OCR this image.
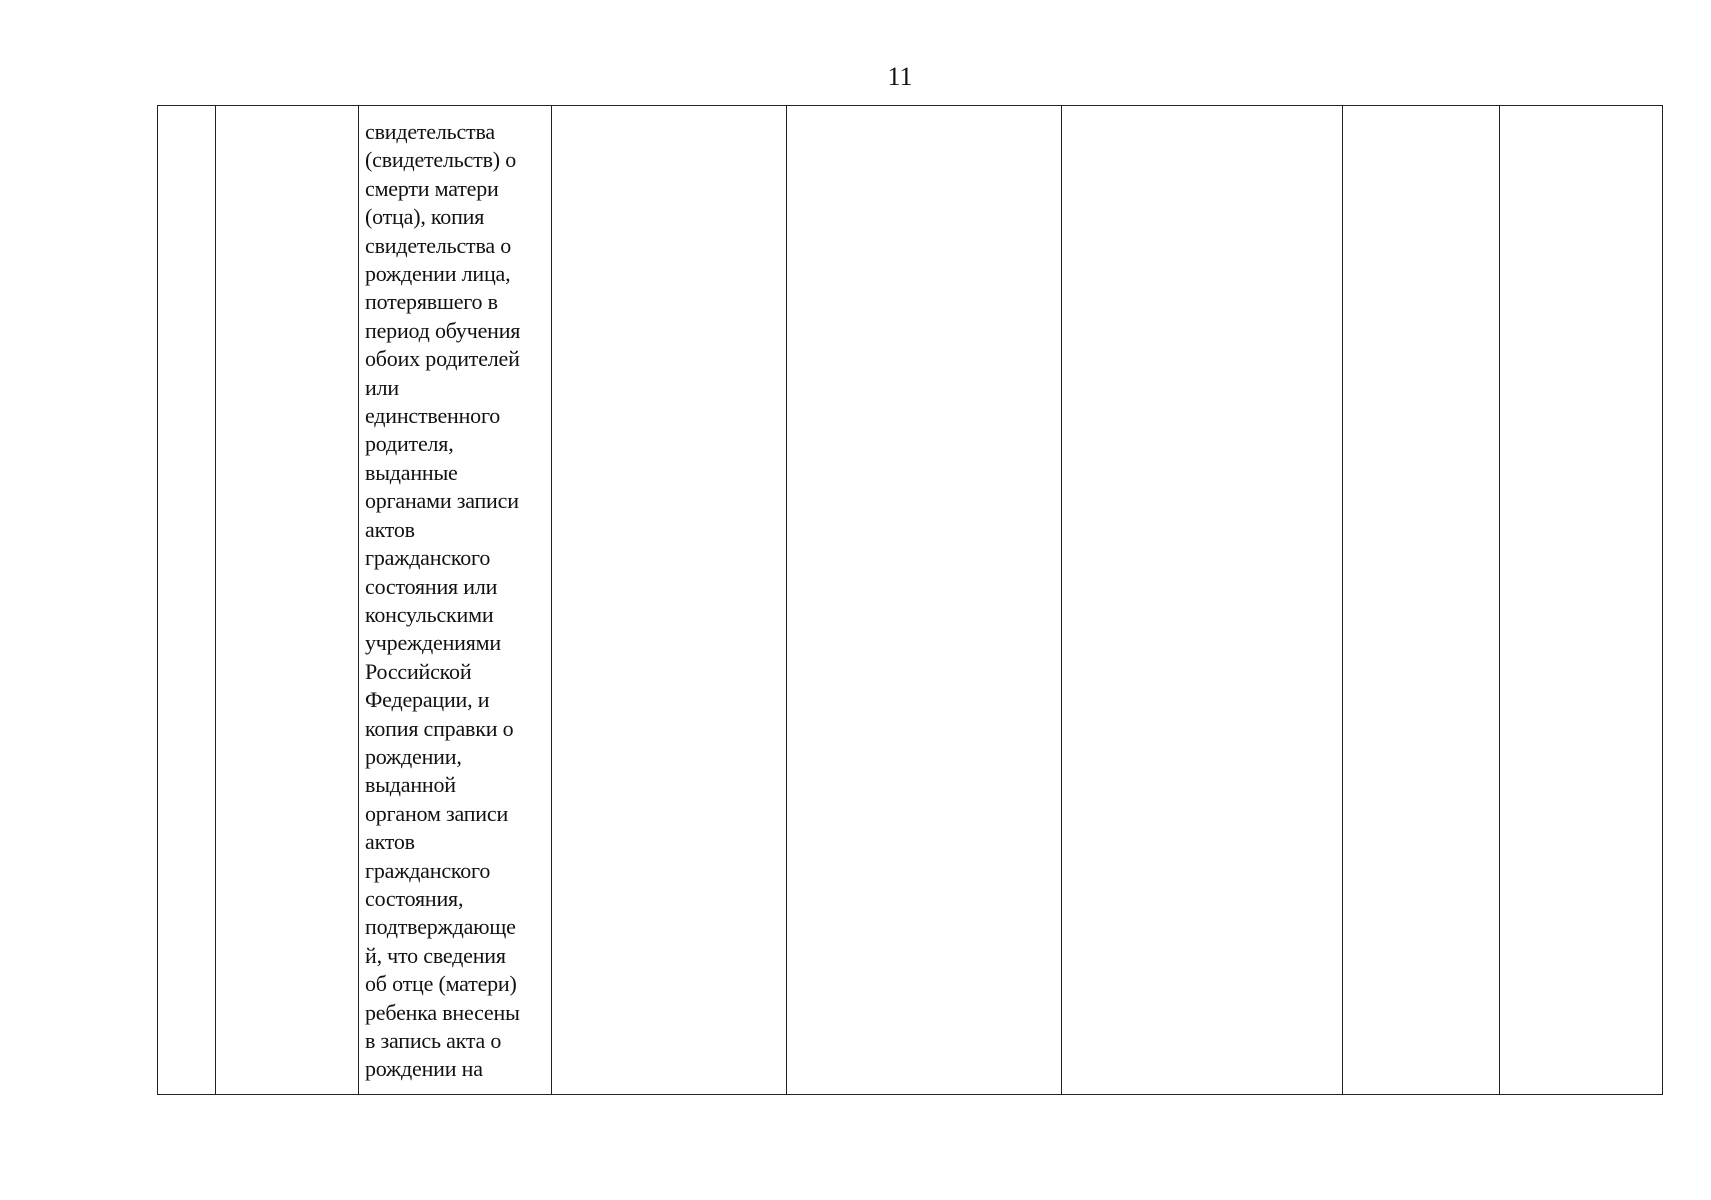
11

свидетельства
(свидетельств) о
смерти матери
(отца), копия
свидетельства о
рождении лица,
потерявшего в
период обучения
обоих родителей
или
единственного
родителя,
выданные
органами записи
актов
гражданского
состояния или
консульскими
учреждениями
Российской
Федерации, и
копия справки о
рождении,
выданной
органом записи
актов
гражданского
состояния,
подтверждающе
й, что сведения
об отце (матери)
ребенка внесены
в запись акта о
рождении на
